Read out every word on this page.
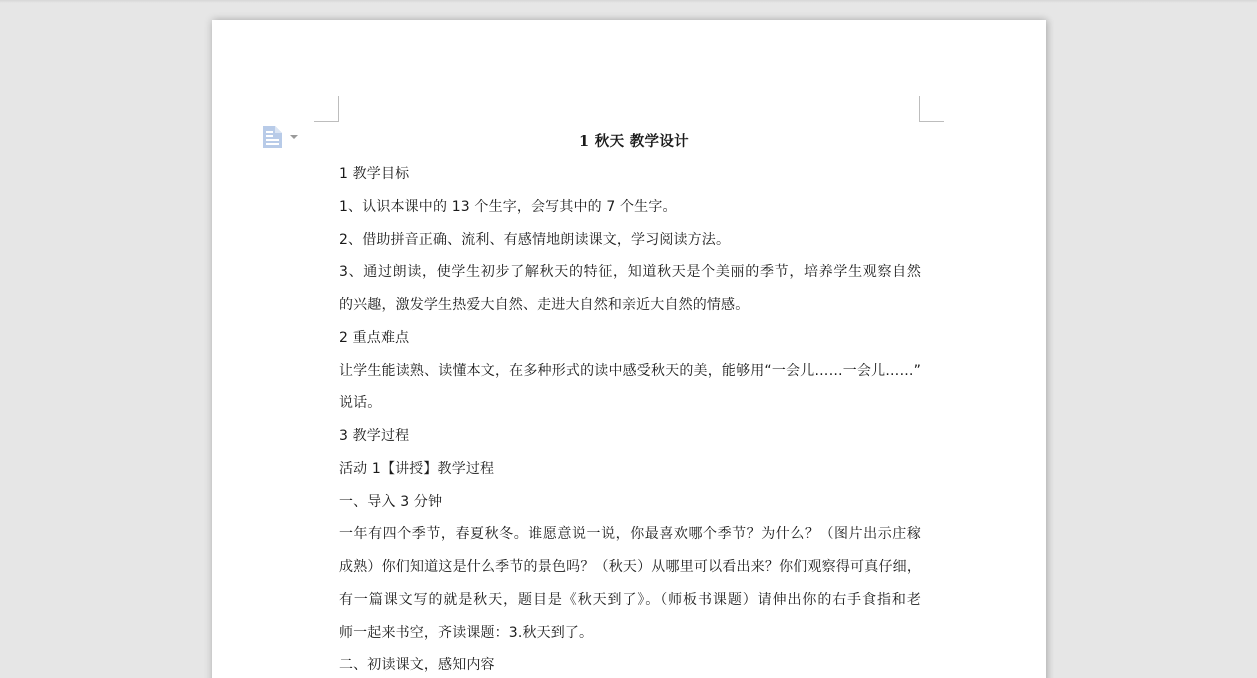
1 秋天 教学设计
1 教学目标
1、认识本课中的 13 个生字，会写其中的 7 个生字。
2、借助拼音正确、流利、有感情地朗读课文，学习阅读方法。
3、通过朗读，使学生初步了解秋天的特征，知道秋天是个美丽的季节，培养学生观察自然
的兴趣，激发学生热爱大自然、走进大自然和亲近大自然的情感。
2 重点难点
让学生能读熟、读懂本文，在多种形式的读中感受秋天的美，能够用“一会儿……一会儿……”
说话。
3 教学过程
活动 1【讲授】教学过程
一、导入 3 分钟
一年有四个季节，春夏秋冬。谁愿意说一说，你最喜欢哪个季节？为什么？（图片出示庄稼
成熟）你们知道这是什么季节的景色吗？（秋天）从哪里可以看出来？你们观察得可真仔细，
有一篇课文写的就是秋天，题目是《秋天到了》。（师板书课题）请伸出你的右手食指和老
师一起来书空，齐读课题：3.秋天到了。
二、初读课文，感知内容
